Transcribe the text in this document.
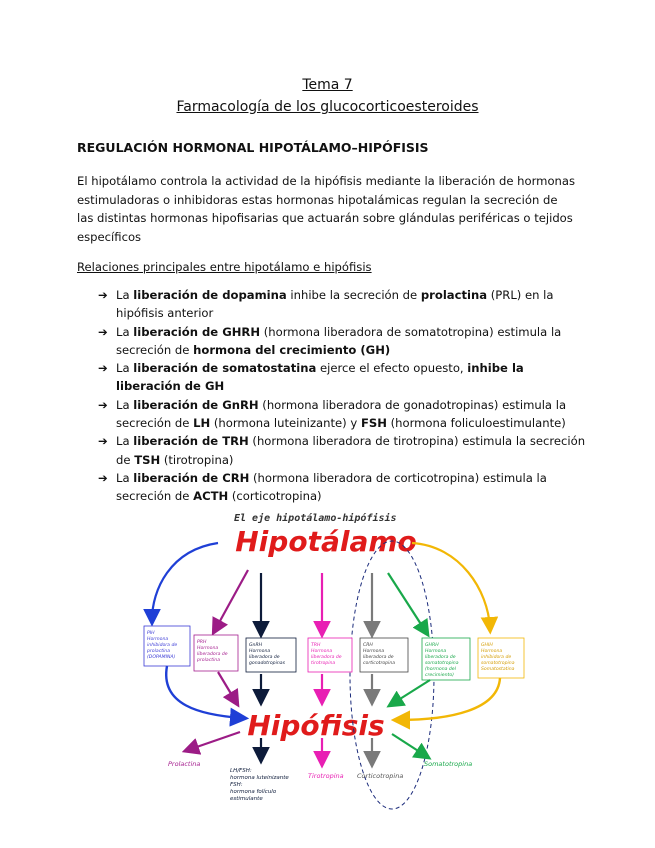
Tema 7
Farmacología de los glucocorticoesteroides
REGULACIÓN HORMONAL HIPOTÁLAMO–HIPÓFISIS
El hipotálamo controla la actividad de la hipófisis mediante la liberación de hormonas estimuladoras o inhibidoras estas hormonas hipotalámicas regulan la secreción de las distintas hormonas hipofisarias que actuarán sobre glándulas periféricas o tejidos específicos
Relaciones principales entre hipotálamo e hipófisis
➔ La liberación de dopamina inhibe la secreción de prolactina (PRL) en la hipófisis anterior
➔ La liberación de GHRH (hormona liberadora de somatotropina) estimula la secreción de hormona del crecimiento (GH)
➔ La liberación de somatostatina ejerce el efecto opuesto, inhibe la liberación de GH
➔ La liberación de GnRH (hormona liberadora de gonadotropinas) estimula la secreción de LH (hormona luteinizante) y FSH (hormona foliculoestimulante)
➔ La liberación de TRH (hormona liberadora de tirotropina) estimula la secreción de TSH (tirotropina)
➔ La liberación de CRH (hormona liberadora de corticotropina) estimula la secreción de ACTH (corticotropina)
El eje hipotálamo-hipófisis
Hipotálamo
Hipófisis
PIH Hormona inhibidora de prolactina (DOPAMINA)
PRH Hormona liberadora de prolactina
GnRH Hormona liberadora de gonadotropinas
TRH Hormona liberadora de tirotropina
CRH Hormona liberadora de corticotropina
GHRH Hormona liberadora de somatotropina (hormona del crecimiento)
GHIH Hormona inhibidora de somatotropina Somatostatina
Prolactina
LH/FSH: hormona luteinizante FSH: hormona folículo estimulante
Tirotropina Corticotropina
Somatotropina
